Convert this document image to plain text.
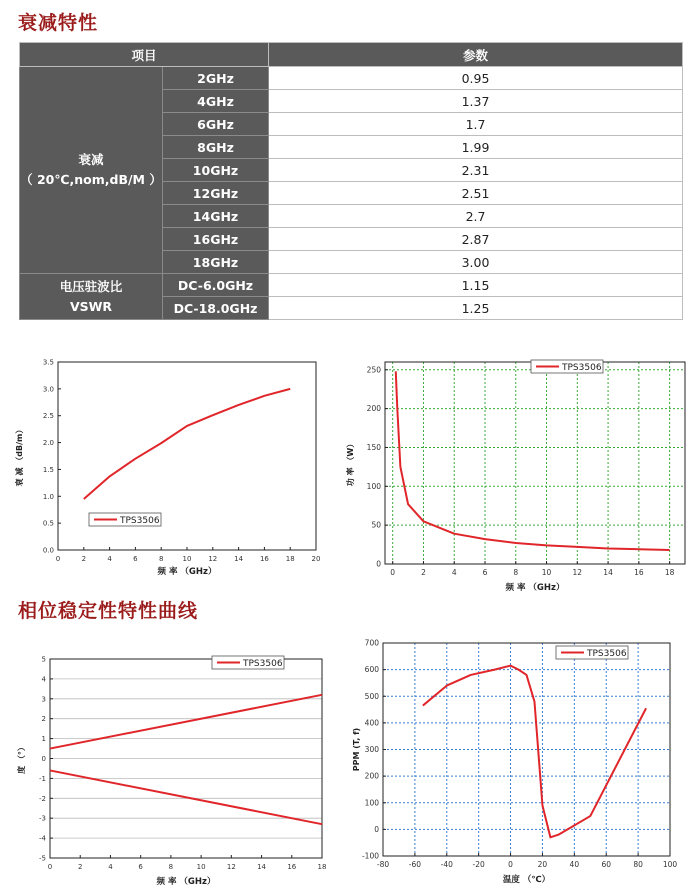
衰减特性
项目		参数

衰减
（ 20℃,nom,dB/M ）	2GHz	0.95
	4GHz	1.37
	6GHz	1.7
	8GHz	1.99
	10GHz	2.31
	12GHz	2.51
	14GHz	2.7
	16GHz	2.87
	18GHz	3.00

电压驻波比
VSWR	DC-6.0GHz	1.15
	DC-18.0GHz	1.25
0	2	4	6	8	10 12 14 16 18 20
0.0
0.5
1.0
1.5
2.0
2.5
3.0
3.5
频 率 （GHz）
衰 减 （dB/m）
TPS3506
0	2	4	6	8	10	12	14	16	18
0
50
100
150
200
250
频 率 （GHz）
功 率 （W）
TPS3506
相位稳定性特性曲线
0	2	4	6	8	10	12	14	16	18
-5
-4
-3
-2
-1
0
1
2
3
4
5
频 率 （GHz）
度 （°）
TPS3506
-80	-60	-40	-20	0	20	40	60	80	100
-100
0
100
200
300
400
500
600
700
温度 （℃）
PPM (T, f)
TPS3506
